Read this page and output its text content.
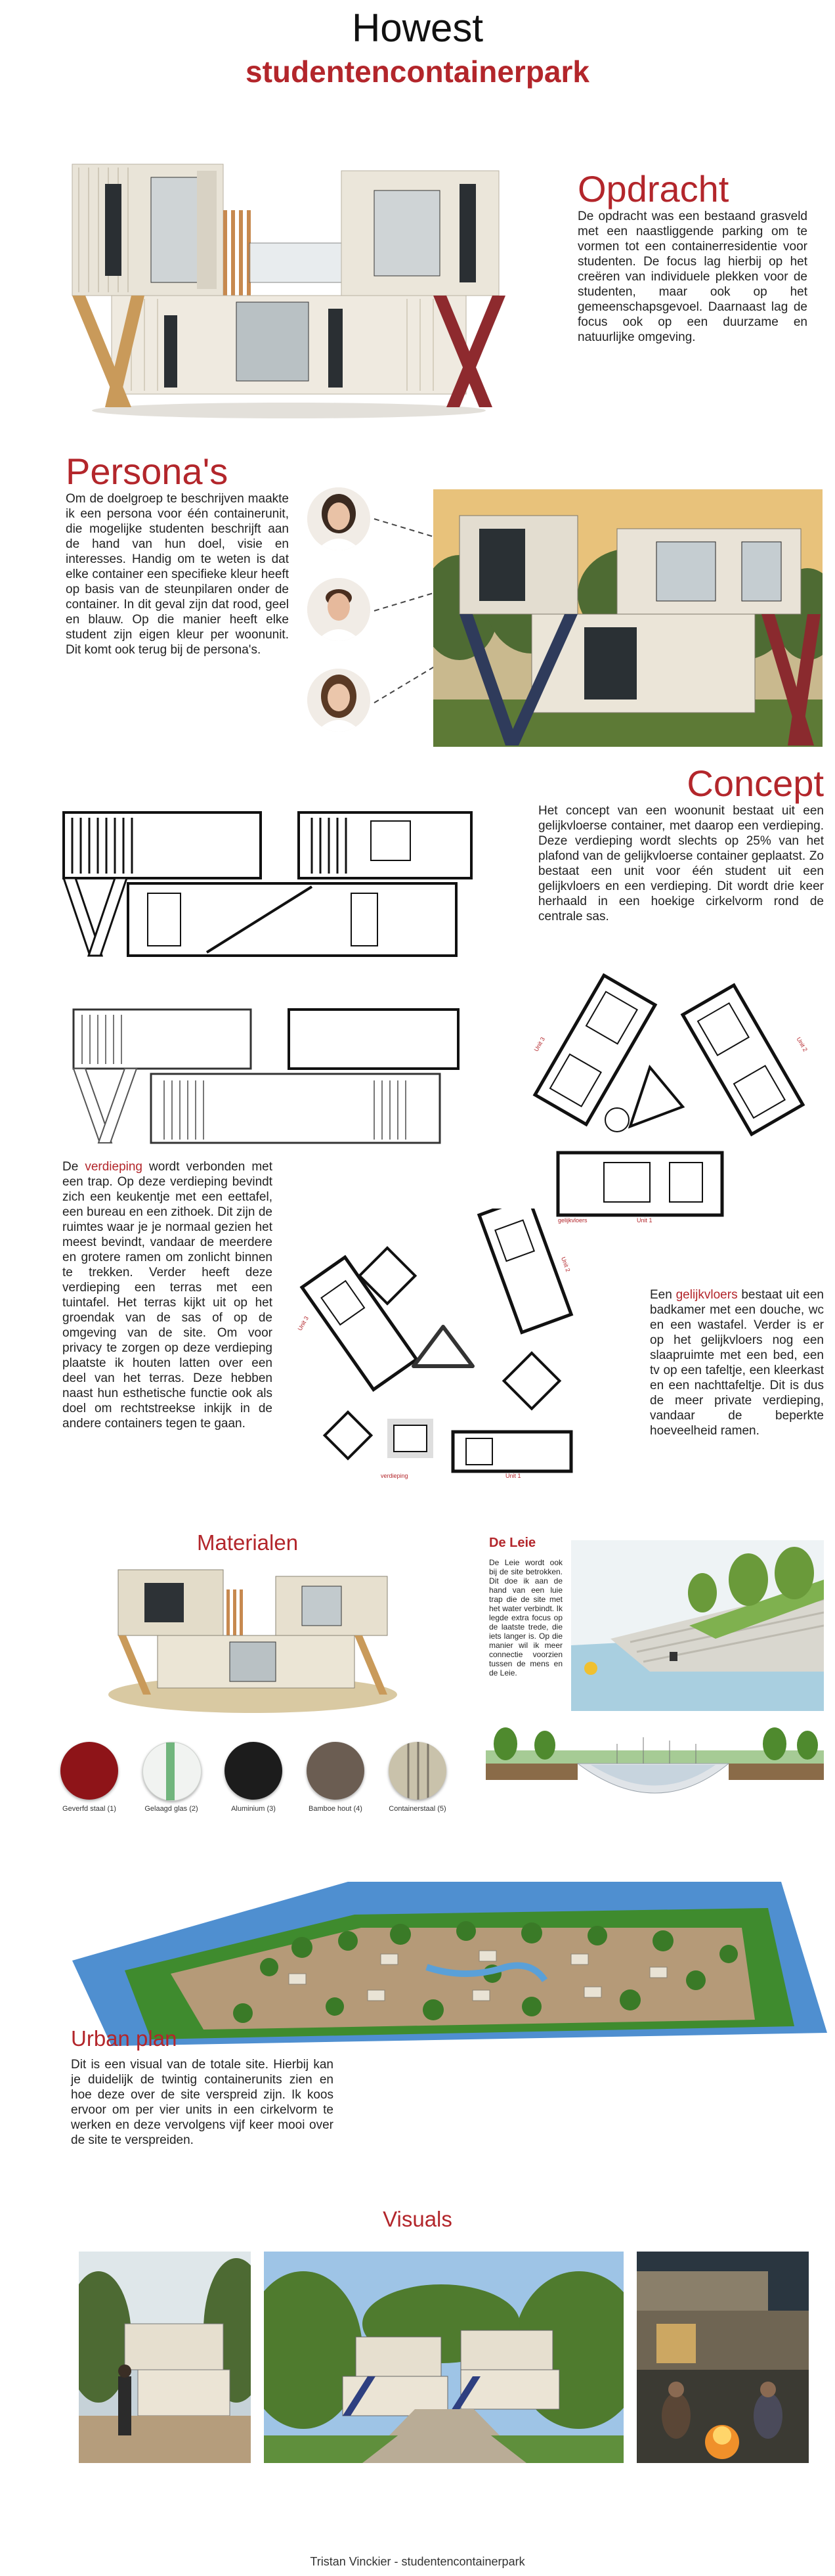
Howest
studentencontainerpark
Opdracht
De opdracht was een bestaand grasveld met een naastliggende parking om te vormen tot een containerresidentie voor studenten. De focus lag hierbij op het creëren van individuele plekken voor de studenten, maar ook op het gemeenschapsgevoel. Daarnaast lag de focus ook op een duurzame en natuurlijke omgeving.
Persona's
Om de doelgroep te beschrijven maakte ik een persona voor één containerunit, die mogelijke studenten beschrijft aan de hand van hun doel, visie en interesses. Handig om te weten is dat elke container een specifieke kleur heeft op basis van de steunpilaren onder de container. In dit geval zijn dat rood, geel en blauw. Op die manier heeft elke student zijn eigen kleur per woonunit. Dit komt ook terug bij de persona's.
Concept
Het concept van een woonunit bestaat uit een gelijkvloerse container, met daarop een verdieping. Deze verdieping wordt slechts op 25% van het plafond van de gelijkvloerse container geplaatst. Zo bestaat een unit voor één student uit een gelijkvloers en een verdieping. Dit wordt drie keer herhaald in een hoekige cirkelvorm rond de centrale sas.
gelijkvloers	Unit 1
Unit 3	Unit 2
De verdieping wordt verbonden met een trap. Op deze verdieping bevindt zich een keukentje met een eettafel, een bureau en een zithoek. Dit zijn de ruimtes waar je je normaal gezien het meest bevindt, vandaar de meerdere en grotere ramen om zonlicht binnen te trekken. Verder heeft deze verdieping een terras met een tuintafel. Het terras kijkt uit op het groendak van de sas of op de omgeving van de site. Om voor privacy te zorgen op deze verdieping plaatste ik houten latten over een deel van het terras. Deze hebben naast hun esthetische functie ook als doel om rechtstreekse inkijk in de andere containers tegen te gaan.
verdieping	Unit 1
Unit 3
Unit 2
Een gelijkvloers bestaat uit een badkamer met een douche, wc en een wastafel. Verder is er op het gelijkvloers nog een slaapruimte met een bed, een tv op een tafeltje, een kleerkast en een nachttafeltje. Dit is dus de meer private verdieping, vandaar de beperkte hoeveelheid ramen.
Materialen
Geverfd staal (1)	Gelaagd glas (2)	Aluminium (3)	Bamboe hout (4)	Containerstaal (5)
De Leie
De Leie wordt ook bij de site betrokken. Dit doe ik aan de hand van een luie trap die de site met het water verbindt. Ik legde extra focus op de laatste trede, die iets langer is. Op die manier wil ik meer connectie voorzien tussen de mens en de Leie.
Urban plan
Dit is een visual van de totale site. Hierbij kan je duidelijk de twintig containerunits zien en hoe deze over de site verspreid zijn. Ik koos ervoor om per vier units in een cirkelvorm te werken en deze vervolgens vijf keer mooi over de site te verspreiden.
Visuals
Tristan Vinckier - studentencontainerpark
